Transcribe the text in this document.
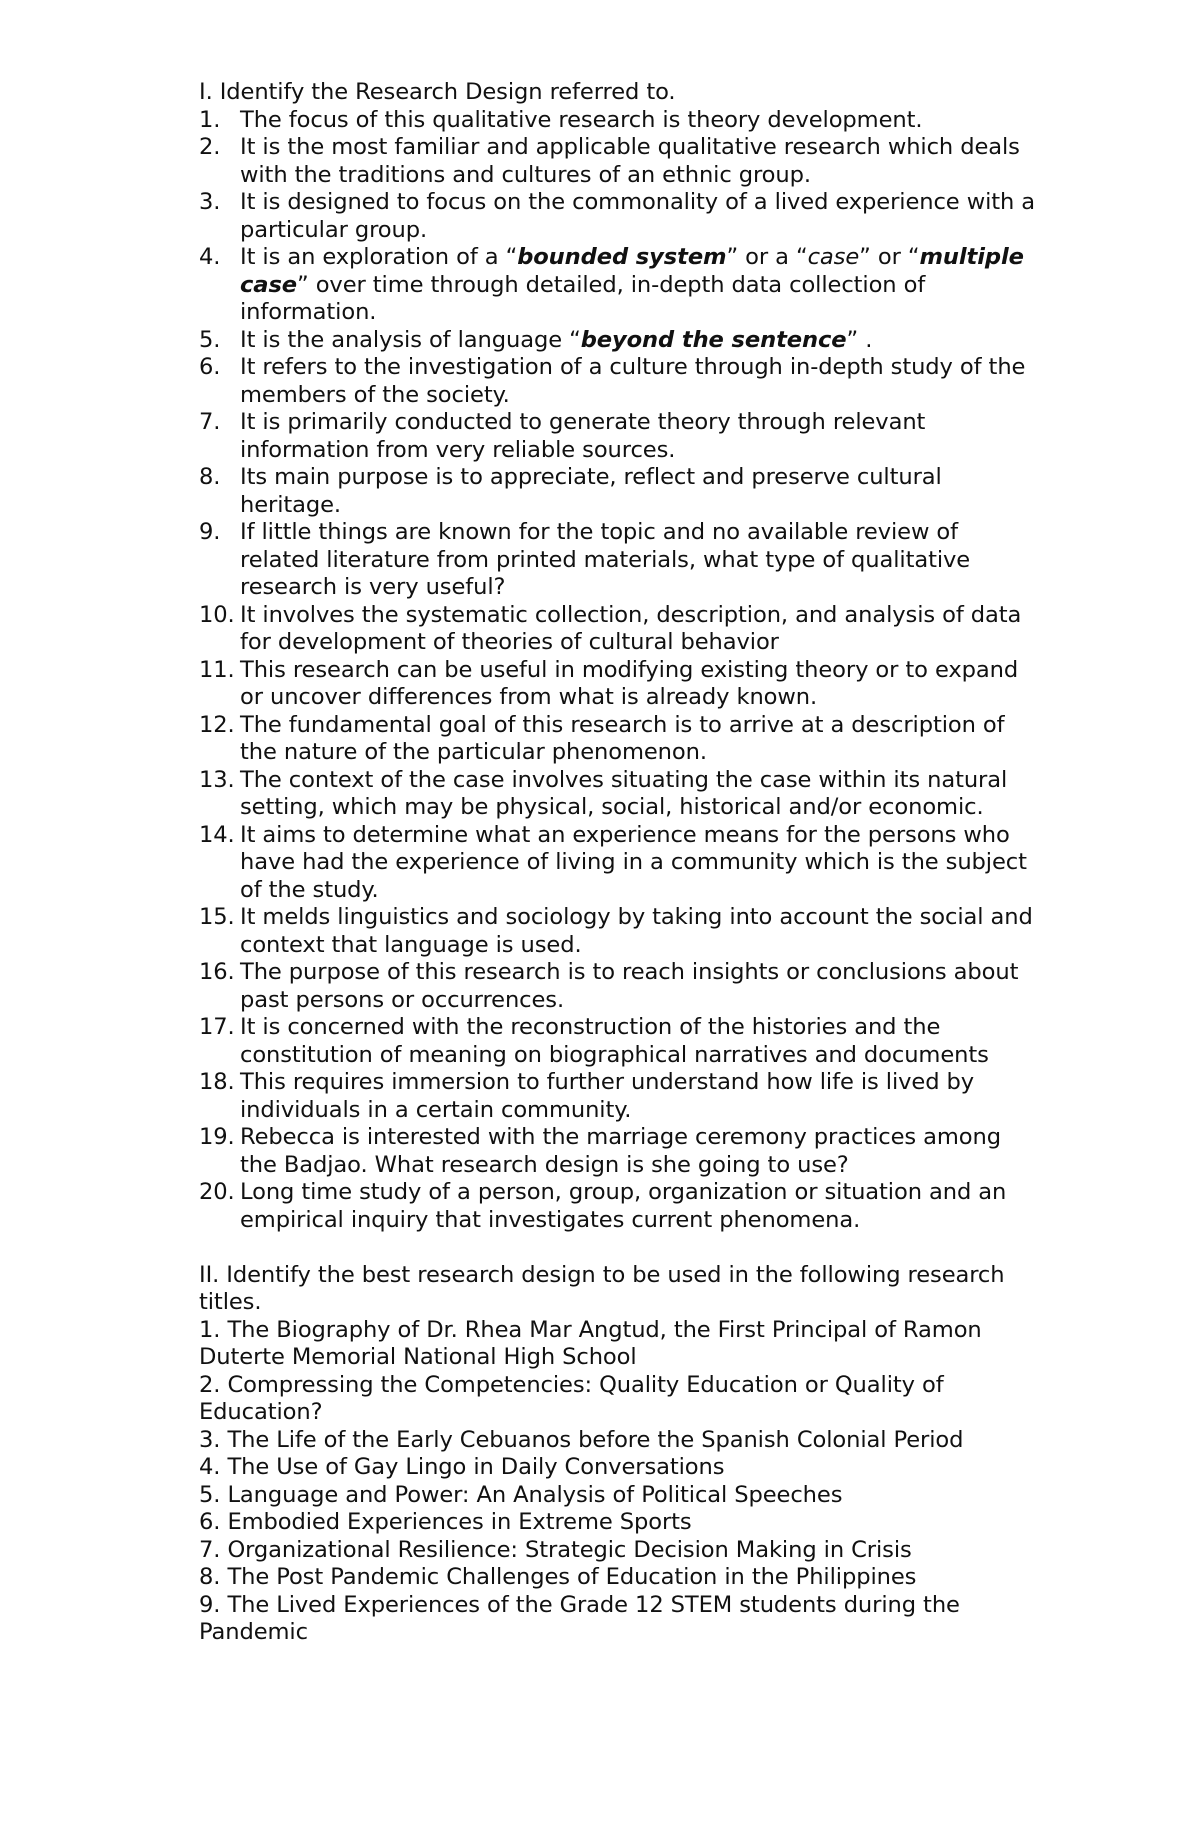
I. Identify the Research Design referred to.

1. The focus of this qualitative research is theory development.
2. It is the most familiar and applicable qualitative research which deals with the traditions and cultures of an ethnic group.
3. It is designed to focus on the commonality of a lived experience with a particular group.
4. It is an exploration of a “bounded system” or a “case” or “multiple case” over time through detailed, in-depth data collection of information.
5. It is the analysis of language “beyond the sentence” .
6. It refers to the investigation of a culture through in-depth study of the members of the society.
7. It is primarily conducted to generate theory through relevant information from very reliable sources.
8. Its main purpose is to appreciate, reflect and preserve cultural heritage.
9. If little things are known for the topic and no available review of related literature from printed materials, what type of qualitative research is very useful?
10. It involves the systematic collection, description, and analysis of data for development of theories of cultural behavior
11. This research can be useful in modifying existing theory or to expand or uncover differences from what is already known.
12. The fundamental goal of this research is to arrive at a description of the nature of the particular phenomenon.
13. The context of the case involves situating the case within its natural setting, which may be physical, social, historical and/or economic.
14. It aims to determine what an experience means for the persons who have had the experience of living in a community which is the subject of the study.
15. It melds linguistics and sociology by taking into account the social and context that language is used.
16. The purpose of this research is to reach insights or conclusions about past persons or occurrences.
17. It is concerned with the reconstruction of the histories and the constitution of meaning on biographical narratives and documents
18. This requires immersion to further understand how life is lived by individuals in a certain community.
19. Rebecca is interested with the marriage ceremony practices among the Badjao. What research design is she going to use?
20. Long time study of a person, group, organization or situation and an empirical inquiry that investigates current phenomena.

II. Identify the best research design to be used in the following research titles.

1. The Biography of Dr. Rhea Mar Angtud, the First Principal of Ramon Duterte Memorial National High School
2. Compressing the Competencies: Quality Education or Quality of Education?
3. The Life of the Early Cebuanos before the Spanish Colonial Period
4. The Use of Gay Lingo in Daily Conversations
5. Language and Power: An Analysis of Political Speeches
6. Embodied Experiences in Extreme Sports
7. Organizational Resilience: Strategic Decision Making in Crisis
8. The Post Pandemic Challenges of Education in the Philippines
9. The Lived Experiences of the Grade 12 STEM students during the Pandemic
